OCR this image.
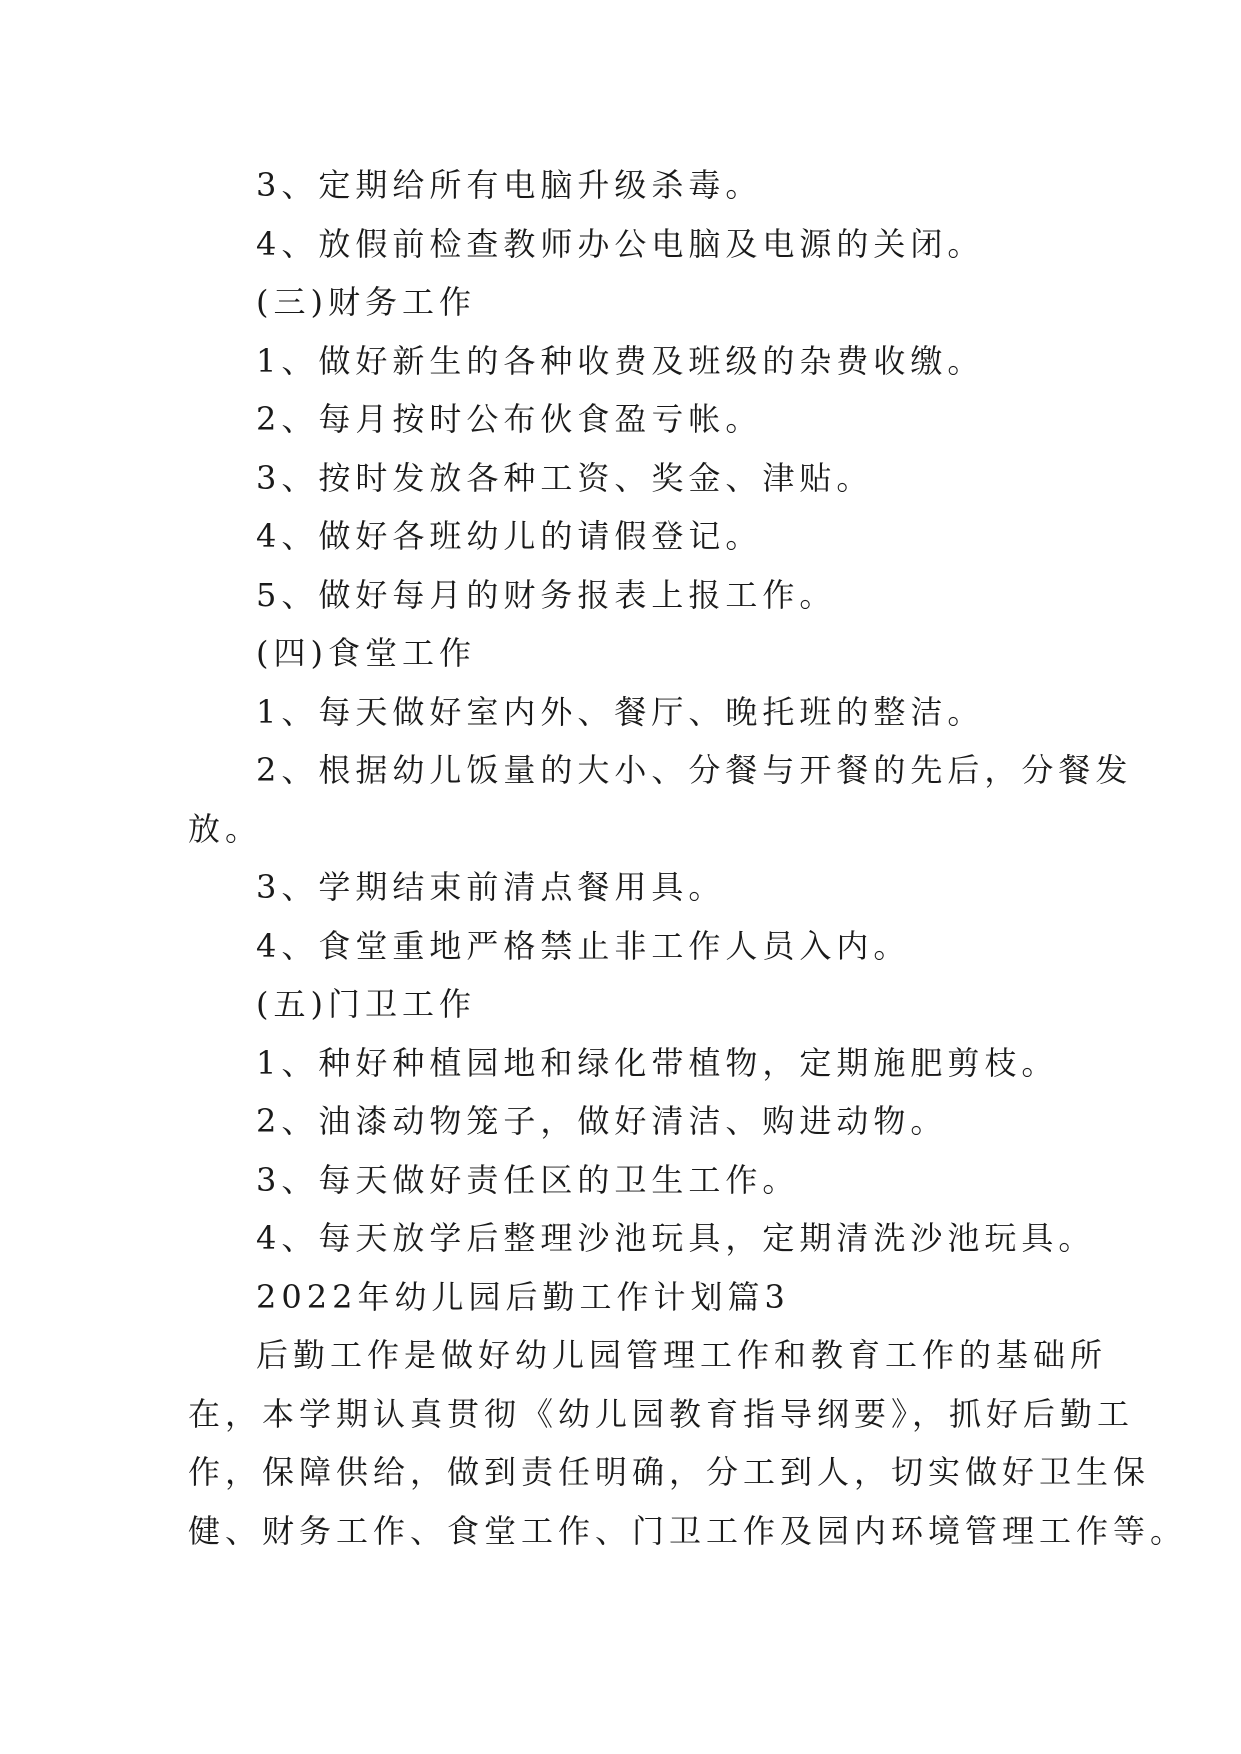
3、定期给所有电脑升级杀毒。
4、放假前检查教师办公电脑及电源的关闭。
(三)财务工作
1、做好新生的各种收费及班级的杂费收缴。
2、每月按时公布伙食盈亏帐。
3、按时发放各种工资、奖金、津贴。
4、做好各班幼儿的请假登记。
5、做好每月的财务报表上报工作。
(四)食堂工作
1、每天做好室内外、餐厅、晚托班的整洁。
2、根据幼儿饭量的大小、分餐与开餐的先后，分餐发
放。
3、学期结束前清点餐用具。
4、食堂重地严格禁止非工作人员入内。
(五)门卫工作
1、种好种植园地和绿化带植物，定期施肥剪枝。
2、油漆动物笼子，做好清洁、购进动物。
3、每天做好责任区的卫生工作。
4、每天放学后整理沙池玩具，定期清洗沙池玩具。
2022年幼儿园后勤工作计划篇3
后勤工作是做好幼儿园管理工作和教育工作的基础所
在，本学期认真贯彻《幼儿园教育指导纲要》，抓好后勤工
作，保障供给，做到责任明确，分工到人，切实做好卫生保
健、财务工作、食堂工作、门卫工作及园内环境管理工作等。
